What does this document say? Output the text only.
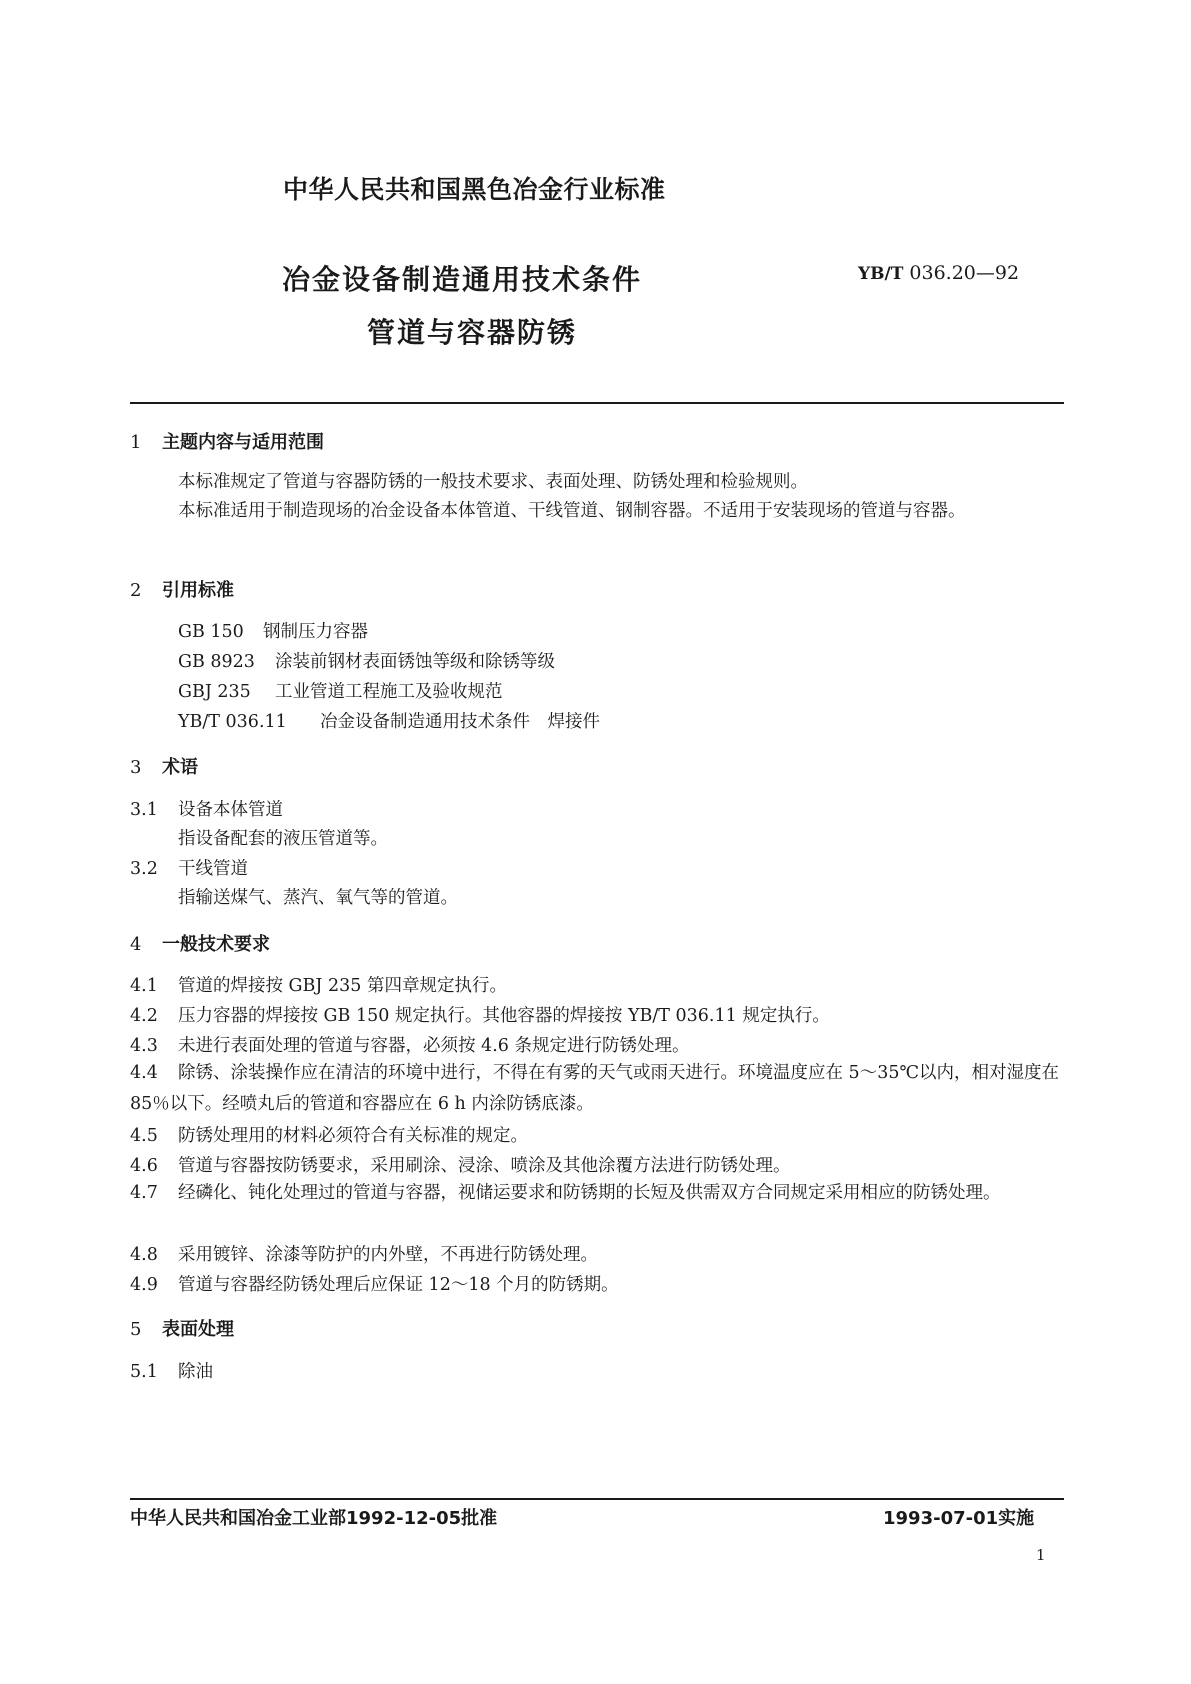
中华人民共和国黑色冶金行业标准
冶金设备制造通用技术条件
管道与容器防锈
YB/T 036.20—92
1 主题内容与适用范围
本标准规定了管道与容器防锈的一般技术要求、表面处理、防锈处理和检验规则。
本标准适用于制造现场的冶金设备本体管道、干线管道、钢制容器。不适用于安装现场的管道与容器。
2 引用标准
GB 150 钢制压力容器
GB 8923 涂装前钢材表面锈蚀等级和除锈等级
GBJ 235 工业管道工程施工及验收规范
YB/T 036.11 冶金设备制造通用技术条件　焊接件
3 术语
3.1 设备本体管道
指设备配套的液压管道等。
3.2 干线管道
指输送煤气、蒸汽、氧气等的管道。
4 一般技术要求
4.1 管道的焊接按 GBJ 235 第四章规定执行。
4.2 压力容器的焊接按 GB 150 规定执行。其他容器的焊接按 YB/T 036.11 规定执行。
4.3 未进行表面处理的管道与容器，必须按 4.6 条规定进行防锈处理。
4.4 除锈、涂装操作应在清洁的环境中进行，不得在有雾的天气或雨天进行。环境温度应在 5～35℃以内，相对湿度在 85％以下。经喷丸后的管道和容器应在 6 h 内涂防锈底漆。
4.5 防锈处理用的材料必须符合有关标准的规定。
4.6 管道与容器按防锈要求，采用刷涂、浸涂、喷涂及其他涂覆方法进行防锈处理。
4.7 经磷化、钝化处理过的管道与容器，视储运要求和防锈期的长短及供需双方合同规定采用相应的防锈处理。
4.8 采用镀锌、涂漆等防护的内外壁，不再进行防锈处理。
4.9 管道与容器经防锈处理后应保证 12～18 个月的防锈期。
5 表面处理
5.1 除油
中华人民共和国冶金工业部1992-12-05批准	1993-07-01实施
1
